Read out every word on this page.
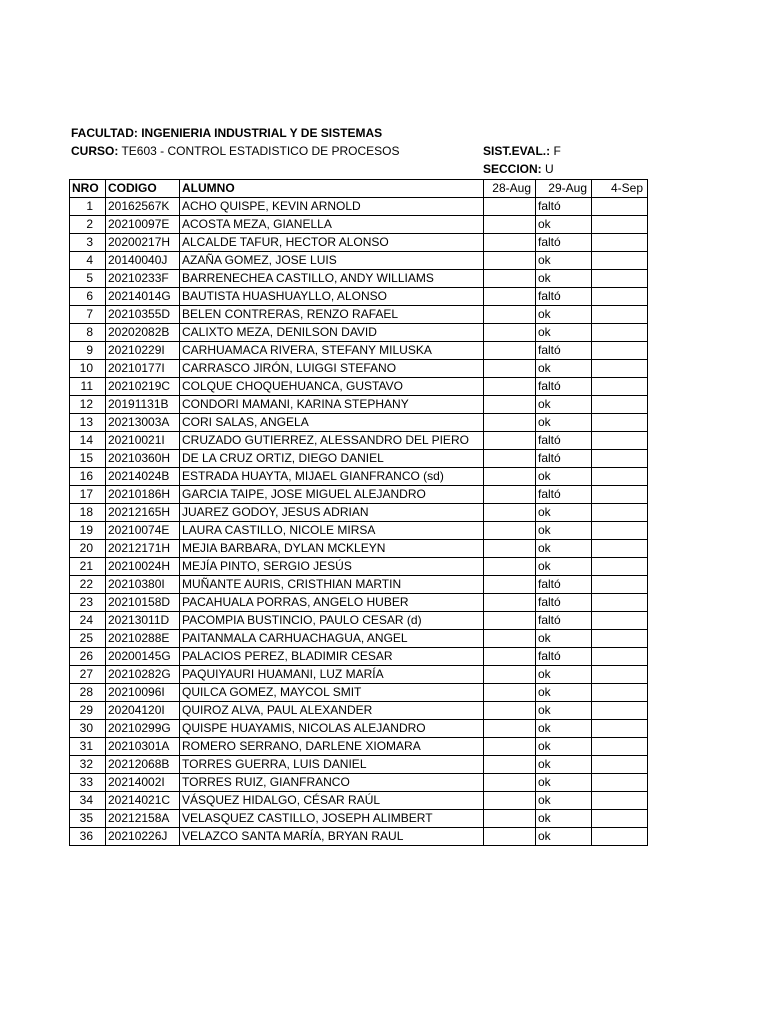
FACULTAD: INGENIERIA INDUSTRIAL Y DE SISTEMAS
CURSO: TE603 - CONTROL ESTADISTICO DE PROCESOS	SIST.EVAL.: F
SECCION: U
NRO	CODIGO	ALUMNO	28-Aug	29-Aug	4-Sep
1	20162567K	ACHO QUISPE, KEVIN ARNOLD		faltó	
2	20210097E	ACOSTA MEZA, GIANELLA		ok	
3	20200217H	ALCALDE TAFUR, HECTOR ALONSO		faltó	
4	20140040J	AZAÑA GOMEZ, JOSE LUIS		ok	
5	20210233F	BARRENECHEA CASTILLO, ANDY WILLIAMS		ok	
6	20214014G	BAUTISTA HUASHUAYLLO, ALONSO		faltó	
7	20210355D	BELEN CONTRERAS, RENZO RAFAEL		ok	
8	20202082B	CALIXTO MEZA, DENILSON DAVID		ok	
9	20210229I	CARHUAMACA RIVERA, STEFANY MILUSKA		faltó	
10	20210177I	CARRASCO JIRÓN, LUIGGI STEFANO		ok	
11	20210219C	COLQUE CHOQUEHUANCA, GUSTAVO		faltó	
12	20191131B	CONDORI MAMANI, KARINA STEPHANY		ok	
13	20213003A	CORI SALAS, ANGELA		ok	
14	20210021I	CRUZADO GUTIERREZ, ALESSANDRO DEL PIERO		faltó	
15	20210360H	DE LA CRUZ ORTIZ, DIEGO DANIEL		faltó	
16	20214024B	ESTRADA HUAYTA, MIJAEL GIANFRANCO (sd)		ok	
17	20210186H	GARCIA TAIPE, JOSE MIGUEL ALEJANDRO		faltó	
18	20212165H	JUAREZ GODOY, JESUS ADRIAN		ok	
19	20210074E	LAURA CASTILLO, NICOLE MIRSA		ok	
20	20212171H	MEJIA BARBARA, DYLAN MCKLEYN		ok	
21	20210024H	MEJÍA PINTO, SERGIO JESÚS		ok	
22	20210380I	MUÑANTE AURIS, CRISTHIAN MARTIN		faltó	
23	20210158D	PACAHUALA PORRAS, ANGELO HUBER		faltó	
24	20213011D	PACOMPIA BUSTINCIO, PAULO CESAR (d)		faltó	
25	20210288E	PAITANMALA CARHUACHAGUA, ANGEL		ok	
26	20200145G	PALACIOS PEREZ, BLADIMIR CESAR		faltó	
27	20210282G	PAQUIYAURI HUAMANI, LUZ MARÍA		ok	
28	20210096I	QUILCA GOMEZ, MAYCOL SMIT		ok	
29	20204120I	QUIROZ ALVA, PAUL ALEXANDER		ok	
30	20210299G	QUISPE HUAYAMIS, NICOLAS ALEJANDRO		ok	
31	20210301A	ROMERO SERRANO, DARLENE XIOMARA		ok	
32	20212068B	TORRES GUERRA, LUIS DANIEL		ok	
33	20214002I	TORRES RUIZ, GIANFRANCO		ok	
34	20214021C	VÁSQUEZ HIDALGO, CÉSAR RAÚL		ok	
35	20212158A	VELASQUEZ CASTILLO, JOSEPH ALIMBERT		ok	
36	20210226J	VELAZCO SANTA MARÍA, BRYAN RAUL		ok	
